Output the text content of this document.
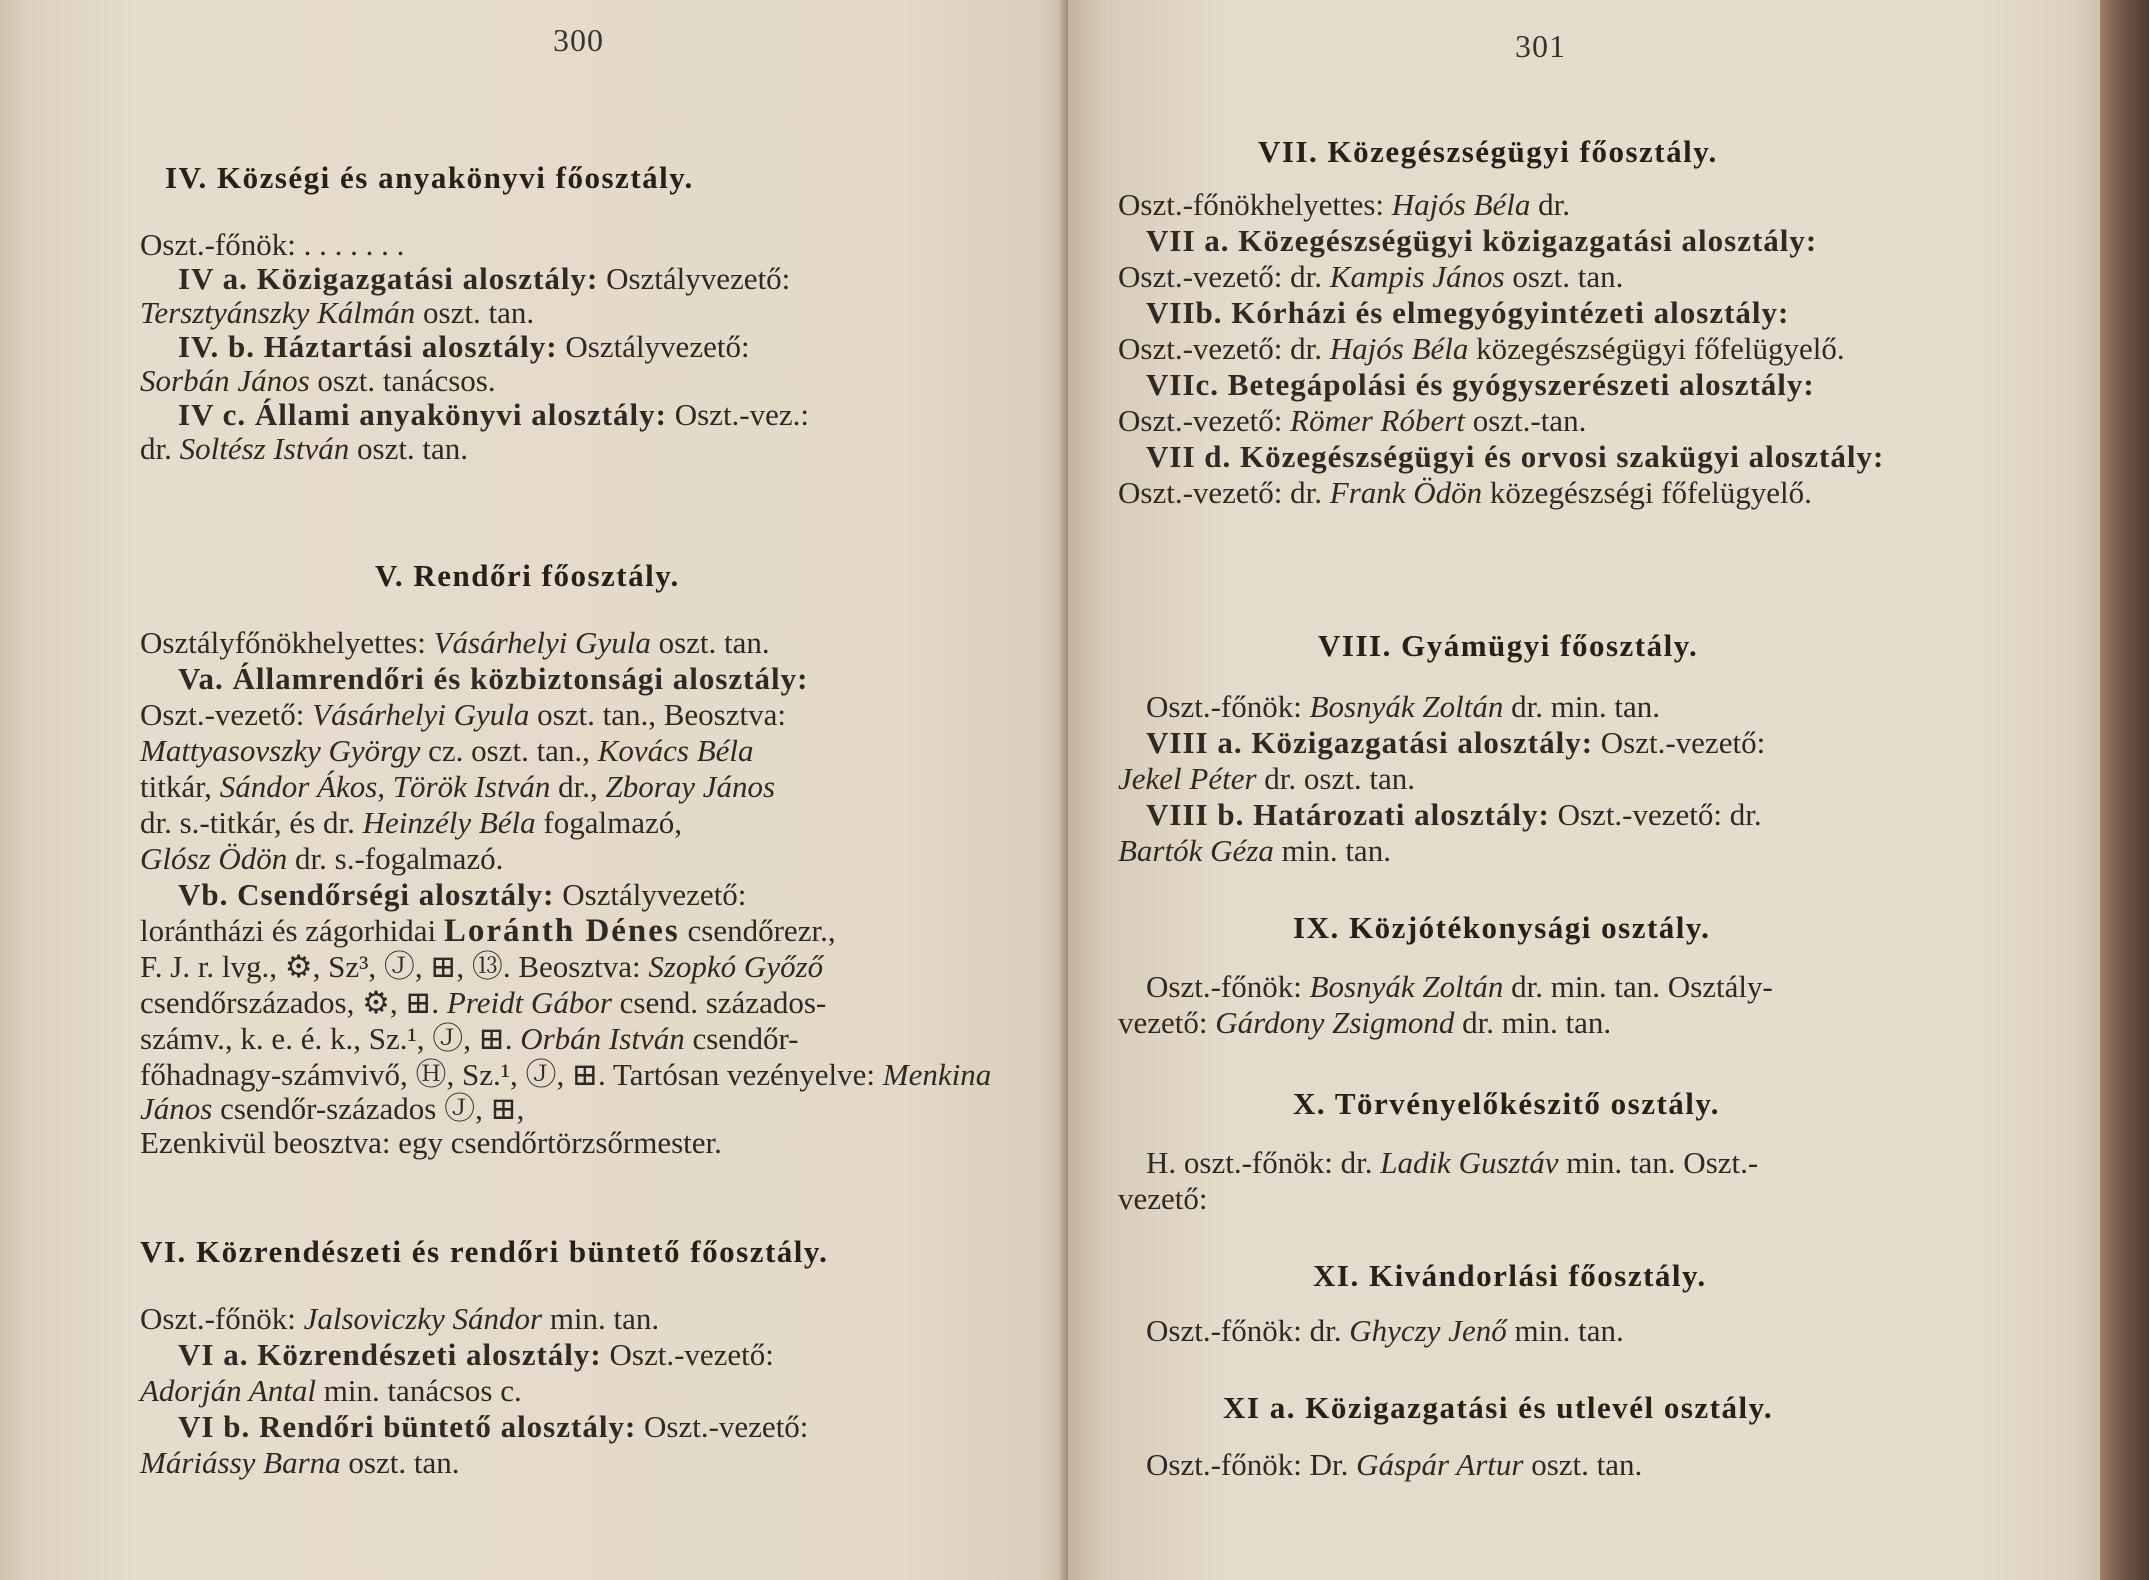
300
IV. Községi és anyakönyvi főosztály.
Oszt.-főnök: . . . . . . .
IV a. Közigazgatási alosztály: Osztályvezető:
Tersztyánszky Kálmán oszt. tan.
IV. b. Háztartási alosztály: Osztályvezető:
Sorbán János oszt. tanácsos.
IV c. Állami anyakönyvi alosztály: Oszt.-vez.:
dr. Soltész István oszt. tan.
V. Rendőri főosztály.
Osztályfőnökhelyettes: Vásárhelyi Gyula oszt. tan.
Va. Államrendőri és közbiztonsági alosztály:
Oszt.-vezető: Vásárhelyi Gyula oszt. tan., Beosztva:
Mattyasovszky György cz. oszt. tan., Kovács Béla
titkár, Sándor Ákos, Török István dr., Zboray János
dr. s.-titkár, és dr. Heinzély Béla fogalmazó,
Glósz Ödön dr. s.-fogalmazó.
Vb. Csendőrségi alosztály: Osztályvezető:
lorántházi és zágorhidai Loránth Dénes csendőrezr.,
F. J. r. lvg., ⚙, Sz³, Ⓙ, ⊞, ⑬. Beosztva: Szopkó Győző
csendőrszázados, ⚙, ⊞. Preidt Gábor csend. százados-
számv., k. e. é. k., Sz.¹, Ⓙ, ⊞. Orbán István csendőr-
főhadnagy-számvivő, Ⓗ, Sz.¹, Ⓙ, ⊞. Tartósan vezényelve: Menkina János csendőr-százados Ⓙ, ⊞,
Ezenkivül beosztva: egy csendőrtörzsőrmester.
VI. Közrendészeti és rendőri büntető főosztály.
Oszt.-főnök: Jalsoviczky Sándor min. tan.
VI a. Közrendészeti alosztály: Oszt.-vezető:
Adorján Antal min. tanácsos c.
VI b. Rendőri büntető alosztály: Oszt.-vezető:
Máriássy Barna oszt. tan.
301
VII. Közegészségügyi főosztály.
Oszt.-főnökhelyettes: Hajós Béla dr.
VII a. Közegészségügyi közigazgatási alosztály:
Oszt.-vezető: dr. Kampis János oszt. tan.
VIIb. Kórházi és elmegyógyintézeti alosztály:
Oszt.-vezető: dr. Hajós Béla közegészségügyi főfelügyelő.
VIIc. Betegápolási és gyógyszerészeti alosztály:
Oszt.-vezető: Römer Róbert oszt.-tan.
VII d. Közegészségügyi és orvosi szakügyi alosztály:
Oszt.-vezető: dr. Frank Ödön közegészségi főfelügyelő.
VIII. Gyámügyi főosztály.
Oszt.-főnök: Bosnyák Zoltán dr. min. tan.
VIII a. Közigazgatási alosztály: Oszt.-vezető:
Jekel Péter dr. oszt. tan.
VIII b. Határozati alosztály: Oszt.-vezető: dr.
Bartók Géza min. tan.
IX. Közjótékonysági osztály.
Oszt.-főnök: Bosnyák Zoltán dr. min. tan. Osztály-
vezető: Gárdony Zsigmond dr. min. tan.
X. Törvényelőkészitő osztály.
H. oszt.-főnök: dr. Ladik Gusztáv min. tan. Oszt.-
vezető:
XI. Kivándorlási főosztály.
Oszt.-főnök: dr. Ghyczy Jenő min. tan.
XI a. Közigazgatási és utlevél osztály.
Oszt.-főnök: Dr. Gáspár Artur oszt. tan.
